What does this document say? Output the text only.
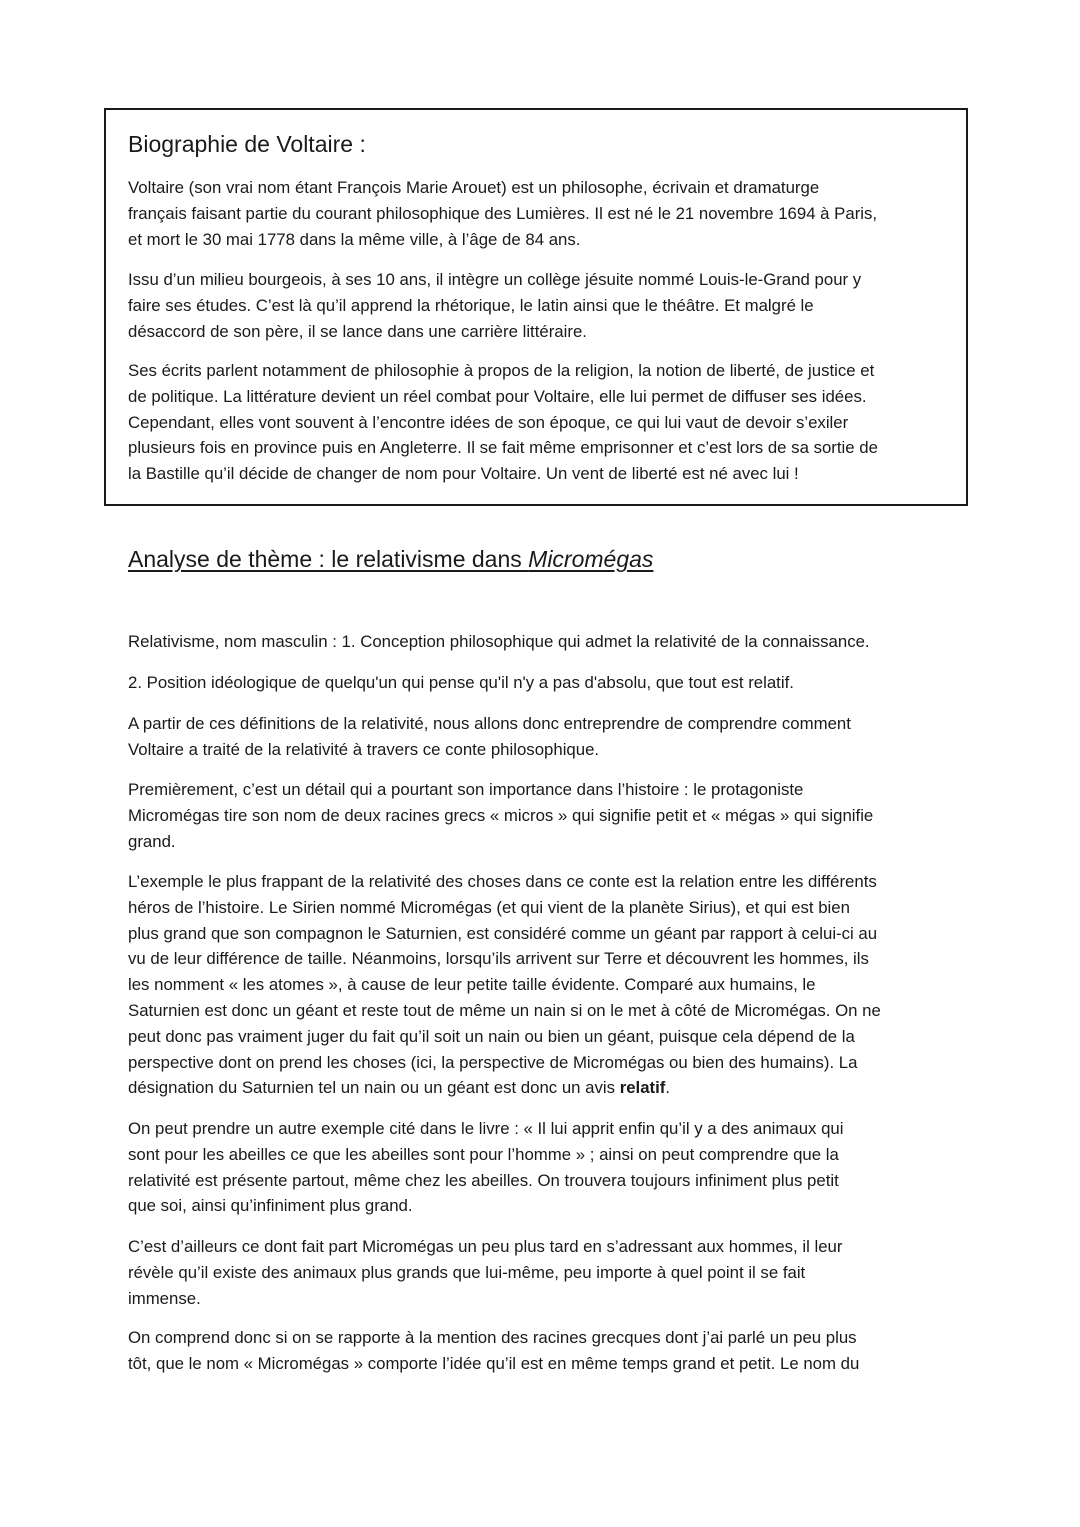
Biographie de Voltaire :

Voltaire (son vrai nom étant François Marie Arouet) est un philosophe, écrivain et dramaturge
français faisant partie du courant philosophique des Lumières. Il est né le 21 novembre 1694 à Paris,
et mort le 30 mai 1778 dans la même ville, à l’âge de 84 ans.

Issu d’un milieu bourgeois, à ses 10 ans, il intègre un collège jésuite nommé Louis-le-Grand pour y
faire ses études. C’est là qu’il apprend la rhétorique, le latin ainsi que le théâtre. Et malgré le
désaccord de son père, il se lance dans une carrière littéraire.

Ses écrits parlent notamment de philosophie à propos de la religion, la notion de liberté, de justice et
de politique. La littérature devient un réel combat pour Voltaire, elle lui permet de diffuser ses idées.
Cependant, elles vont souvent à l’encontre idées de son époque, ce qui lui vaut de devoir s’exiler
plusieurs fois en province puis en Angleterre. Il se fait même emprisonner et c’est lors de sa sortie de
la Bastille qu’il décide de changer de nom pour Voltaire. Un vent de liberté est né avec lui !

Analyse de thème : le relativisme dans Micromégas

Relativisme, nom masculin : 1. Conception philosophique qui admet la relativité de la connaissance.

2. Position idéologique de quelqu'un qui pense qu'il n'y a pas d'absolu, que tout est relatif.

A partir de ces définitions de la relativité, nous allons donc entreprendre de comprendre comment
Voltaire a traité de la relativité à travers ce conte philosophique.

Premièrement, c’est un détail qui a pourtant son importance dans l’histoire : le protagoniste
Micromégas tire son nom de deux racines grecs « micros » qui signifie petit et « mégas » qui signifie
grand.

L’exemple le plus frappant de la relativité des choses dans ce conte est la relation entre les différents
héros de l’histoire. Le Sirien nommé Micromégas (et qui vient de la planète Sirius), et qui est bien
plus grand que son compagnon le Saturnien, est considéré comme un géant par rapport à celui-ci au
vu de leur différence de taille. Néanmoins, lorsqu’ils arrivent sur Terre et découvrent les hommes, ils
les nomment « les atomes », à cause de leur petite taille évidente. Comparé aux humains, le
Saturnien est donc un géant et reste tout de même un nain si on le met à côté de Micromégas. On ne
peut donc pas vraiment juger du fait qu’il soit un nain ou bien un géant, puisque cela dépend de la
perspective dont on prend les choses (ici, la perspective de Micromégas ou bien des humains). La
désignation du Saturnien tel un nain ou un géant est donc un avis relatif.

On peut prendre un autre exemple cité dans le livre : « Il lui apprit enfin qu’il y a des animaux qui
sont pour les abeilles ce que les abeilles sont pour l’homme » ; ainsi on peut comprendre que la
relativité est présente partout, même chez les abeilles. On trouvera toujours infiniment plus petit
que soi, ainsi qu’infiniment plus grand.

C’est d’ailleurs ce dont fait part Micromégas un peu plus tard en s’adressant aux hommes, il leur
révèle qu’il existe des animaux plus grands que lui-même, peu importe à quel point il se fait
immense.

On comprend donc si on se rapporte à la mention des racines grecques dont j’ai parlé un peu plus
tôt, que le nom « Micromégas » comporte l’idée qu’il est en même temps grand et petit. Le nom du
